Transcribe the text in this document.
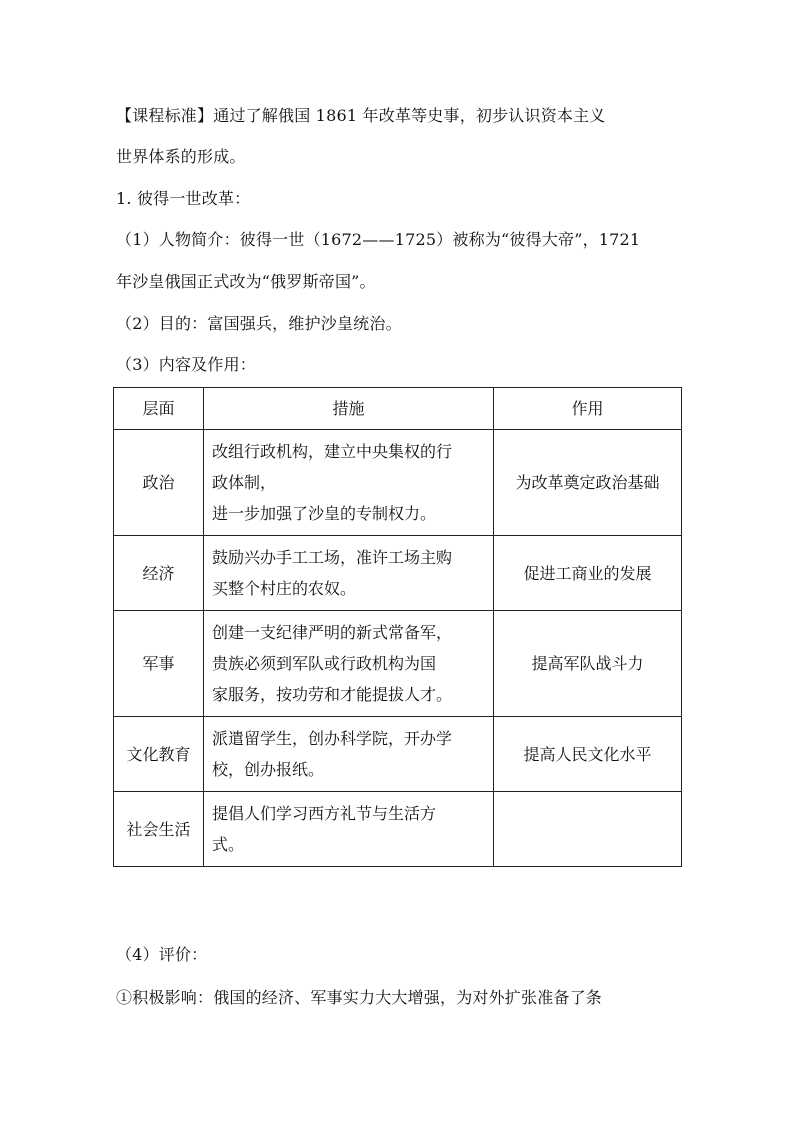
【课程标准】通过了解俄国 1861 年改革等史事，初步认识资本主义
世界体系的形成。
1. 彼得一世改革：
（1）人物简介：彼得一世（1672——1725）被称为“彼得大帝”，1721
年沙皇俄国正式改为“俄罗斯帝国”。
（2）目的：富国强兵，维护沙皇统治。
（3）内容及作用：
层面	措施	作用
政治	改组行政机构，建立中央集权的行
政体制，
进一步加强了沙皇的专制权力。	为改革奠定政治基础
经济	鼓励兴办手工工场，准许工场主购
买整个村庄的农奴。	促进工商业的发展
军事	创建一支纪律严明的新式常备军，
贵族必须到军队或行政机构为国
家服务，按功劳和才能提拔人才。	提高军队战斗力
文化教育	派遣留学生，创办科学院，开办学
校，创办报纸。	提高人民文化水平
社会生活	提倡人们学习西方礼节与生活方
式。	

（4）评价：
①积极影响：俄国的经济、军事实力大大增强，为对外扩张准备了条
